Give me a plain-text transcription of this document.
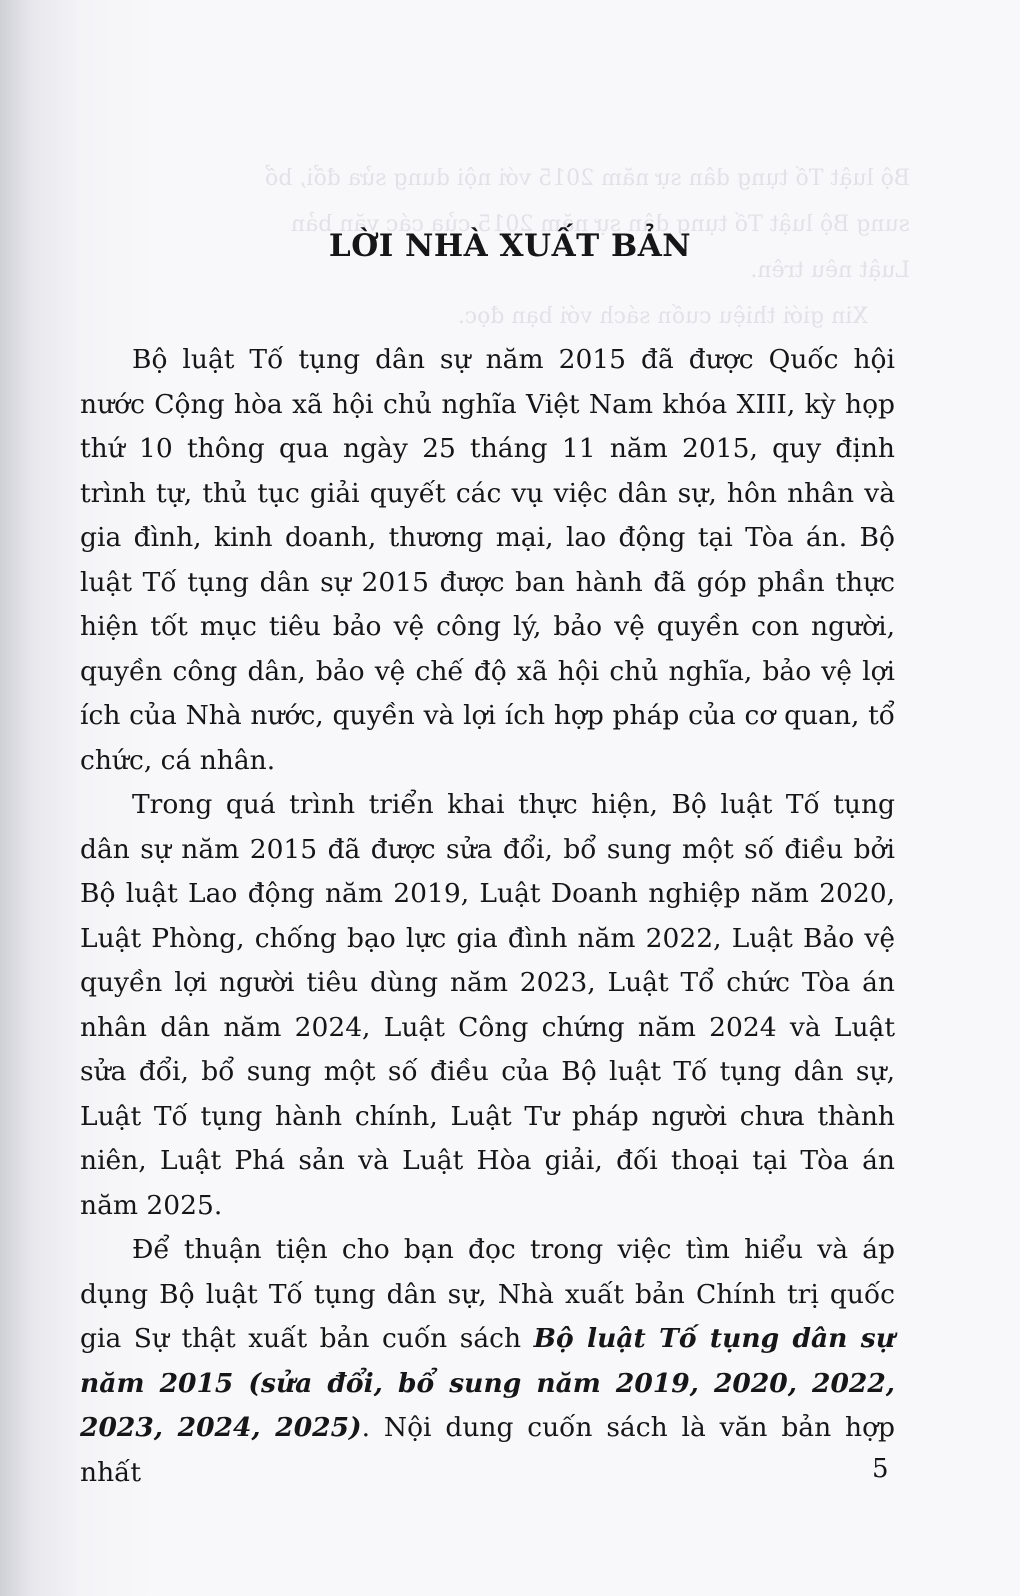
Bộ luật Tố tụng dân sự năm 2015 với nội dung sửa đổi, bổ
sung Bộ luật Tố tụng dân sự năm 2015 của các văn bản
Luật nêu trên.
Xin giới thiệu cuốn sách với bạn đọc.

LỜI NHÀ XUẤT BẢN

Bộ luật Tố tụng dân sự năm 2015 đã được Quốc hội nước Cộng hòa xã hội chủ nghĩa Việt Nam khóa XIII, kỳ họp thứ 10 thông qua ngày 25 tháng 11 năm 2015, quy định trình tự, thủ tục giải quyết các vụ việc dân sự, hôn nhân và gia đình, kinh doanh, thương mại, lao động tại Tòa án. Bộ luật Tố tụng dân sự 2015 được ban hành đã góp phần thực hiện tốt mục tiêu bảo vệ công lý, bảo vệ quyền con người, quyền công dân, bảo vệ chế độ xã hội chủ nghĩa, bảo vệ lợi ích của Nhà nước, quyền và lợi ích hợp pháp của cơ quan, tổ chức, cá nhân.

Trong quá trình triển khai thực hiện, Bộ luật Tố tụng dân sự năm 2015 đã được sửa đổi, bổ sung một số điều bởi Bộ luật Lao động năm 2019, Luật Doanh nghiệp năm 2020, Luật Phòng, chống bạo lực gia đình năm 2022, Luật Bảo vệ quyền lợi người tiêu dùng năm 2023, Luật Tổ chức Tòa án nhân dân năm 2024, Luật Công chứng năm 2024 và Luật sửa đổi, bổ sung một số điều của Bộ luật Tố tụng dân sự, Luật Tố tụng hành chính, Luật Tư pháp người chưa thành niên, Luật Phá sản và Luật Hòa giải, đối thoại tại Tòa án năm 2025.

Để thuận tiện cho bạn đọc trong việc tìm hiểu và áp dụng Bộ luật Tố tụng dân sự, Nhà xuất bản Chính trị quốc gia Sự thật xuất bản cuốn sách Bộ luật Tố tụng dân sự năm 2015 (sửa đổi, bổ sung năm 2019, 2020, 2022, 2023, 2024, 2025). Nội dung cuốn sách là văn bản hợp nhất	5
